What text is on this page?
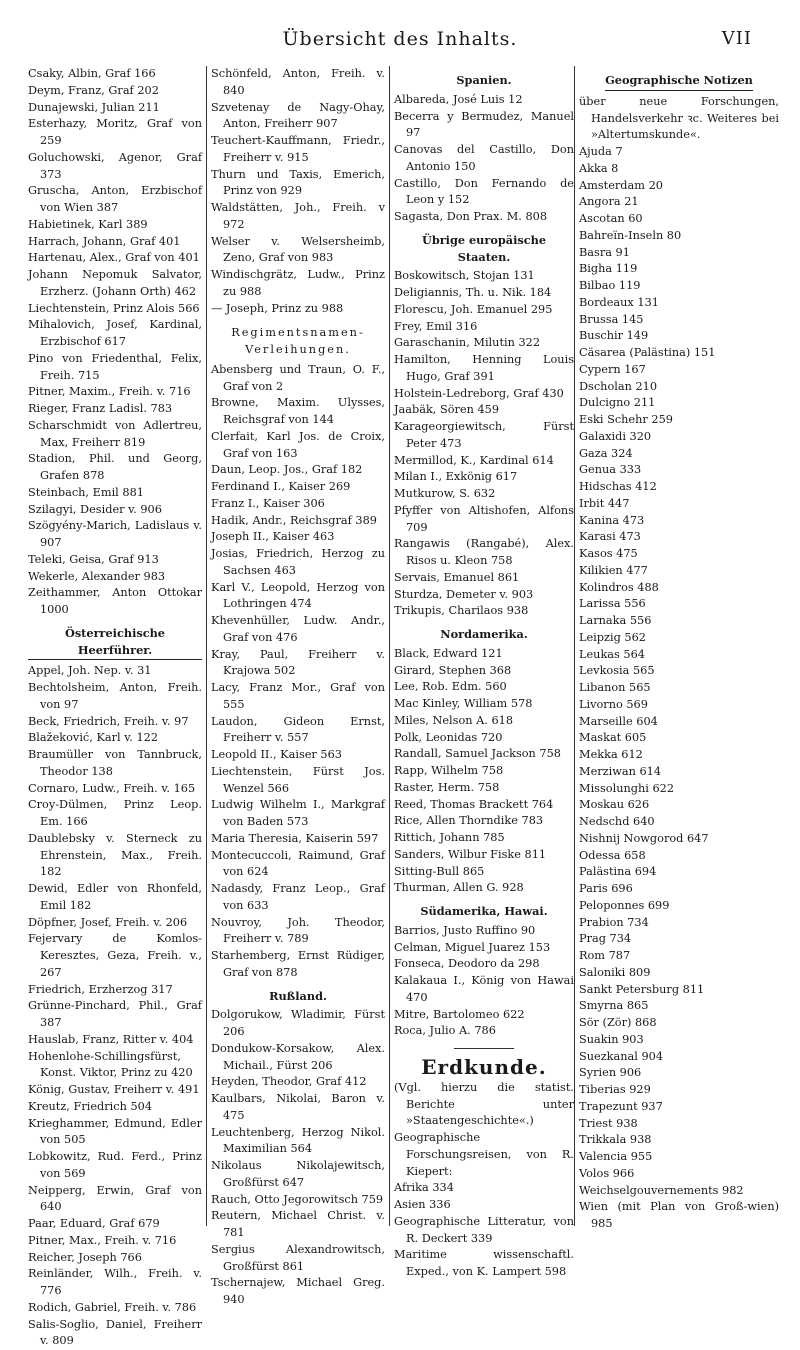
Übersicht des Inhalts.	VII
Csaky, Albin, Graf 166
Deym, Franz, Graf 202
Dunajewski, Julian 211
Esterhazy, Moritz, Graf von 259
Goluchowski, Agenor, Graf 373
Gruscha, Anton, Erzbischof von Wien 387
Habietinek, Karl 389
Harrach, Johann, Graf 401
Hartenau, Alex., Graf von 401
Johann Nepomuk Salvator, Erzherz. (Johann Orth) 462
Liechtenstein, Prinz Alois 566
Mihalovich, Josef, Kardinal, Erzbischof 617
Pino von Friedenthal, Felix, Freih. 715
Pitner, Maxim., Freih. v. 716
Rieger, Franz Ladisl. 783
Scharschmidt von Adlertreu, Max, Freiherr 819
Stadion, Phil. und Georg, Grafen 878
Steinbach, Emil 881
Szilagyi, Desider v. 906
Szögyény-Marich, Ladislaus v. 907
Teleki, Geisa, Graf 913
Wekerle, Alexander 983
Zeithammer, Anton Ottokar 1000
Österreichische Heerführer.
Appel, Joh. Nep. v. 31
Bechtolsheim, Anton, Freih. von 97
Beck, Friedrich, Freih. v. 97
Blažeković, Karl v. 122
Braumüller von Tannbruck, Theodor 138
Cornaro, Ludw., Freih. v. 165
Croy-Dülmen, Prinz Leop. Em. 166
Daublebsky v. Sterneck zu Ehrenstein, Max., Freih. 182
Dewid, Edler von Rhonfeld, Emil 182
Döpfner, Josef, Freih. v. 206
Fejervary de Komlos-Keresztes, Geza, Freih. v., 267
Friedrich, Erzherzog 317
Grünne-Pinchard, Phil., Graf 387
Hauslab, Franz, Ritter v. 404
Hohenlohe-Schillingsfürst, Konst. Viktor, Prinz zu 420
König, Gustav, Freiherr v. 491
Kreutz, Friedrich 504
Krieghammer, Edmund, Edler von 505
Lobkowitz, Rud. Ferd., Prinz von 569
Neipperg, Erwin, Graf von 640
Paar, Eduard, Graf 679
Pitner, Max., Freih. v. 716
Reicher, Joseph 766
Reinländer, Wilh., Freih. v. 776
Rodich, Gabriel, Freih. v. 786
Salis-Soglio, Daniel, Freiherr v. 809
Schönfeld, Anton, Freih. v. 840
Szvetenay de Nagy-Ohay, Anton, Freiherr 907
Teuchert-Kauffmann, Friedr., Freiherr v. 915
Thurn und Taxis, Emerich, Prinz von 929
Waldstätten, Joh., Freih. v 972
Welser v. Welsersheimb, Zeno, Graf von 983
Windischgrätz, Ludw., Prinz zu 988
— Joseph, Prinz zu 988
Regimentsnamen-Verleihungen.
Abensberg und Traun, O. F., Graf von 2
Browne, Maxim. Ulysses, Reichsgraf von 144
Clerfait, Karl Jos. de Croix, Graf von 163
Daun, Leop. Jos., Graf 182
Ferdinand I., Kaiser 269
Franz I., Kaiser 306
Hadik, Andr., Reichsgraf 389
Joseph II., Kaiser 463
Josias, Friedrich, Herzog zu Sachsen 463
Karl V., Leopold, Herzog von Lothringen 474
Khevenhüller, Ludw. Andr., Graf von 476
Kray, Paul, Freiherr v. Krajowa 502
Lacy, Franz Mor., Graf von 555
Laudon, Gideon Ernst, Freiherr v. 557
Leopold II., Kaiser 563
Liechtenstein, Fürst Jos. Wenzel 566
Ludwig Wilhelm I., Markgraf von Baden 573
Maria Theresia, Kaiserin 597
Montecuccoli, Raimund, Graf von 624
Nadasdy, Franz Leop., Graf von 633
Nouvroy, Joh. Theodor, Freiherr v. 789
Starhemberg, Ernst Rüdiger, Graf von 878
Rußland.
Dolgorukow, Wladimir, Fürst 206
Dondukow-Korsakow, Alex. Michail., Fürst 206
Heyden, Theodor, Graf 412
Kaulbars, Nikolai, Baron v. 475
Leuchtenberg, Herzog Nikol. Maximilian 564
Nikolaus Nikolajewitsch, Großfürst 647
Rauch, Otto Jegorowitsch 759
Reutern, Michael Christ. v. 781
Sergius Alexandrowitsch, Großfürst 861
Tschernajew, Michael Greg. 940
Spanien.
Albareda, José Luis 12
Becerra y Bermudez, Manuel 97
Canovas del Castillo, Don Antonio 150
Castillo, Don Fernando de Leon y 152
Sagasta, Don Prax. M. 808
Übrige europäische Staaten.
Boskowitsch, Stojan 131
Deligiannis, Th. u. Nik. 184
Florescu, Joh. Emanuel 295
Frey, Emil 316
Garaschanin, Milutin 322
Hamilton, Henning Louis Hugo, Graf 391
Holstein-Ledreborg, Graf 430
Jaabäk, Sören 459
Karageorgiewitsch, Fürst Peter 473
Mermillod, K., Kardinal 614
Milan I., Exkönig 617
Mutkurow, S. 632
Pfyffer von Altishofen, Alfons 709
Rangawis (Rangabé), Alex. Risos u. Kleon 758
Servais, Emanuel 861
Sturdza, Demeter v. 903
Trikupis, Charilaos 938
Nordamerika.
Black, Edward 121
Girard, Stephen 368
Lee, Rob. Edm. 560
Mac Kinley, William 578
Miles, Nelson A. 618
Polk, Leonidas 720
Randall, Samuel Jackson 758
Rapp, Wilhelm 758
Raster, Herm. 758
Reed, Thomas Brackett 764
Rice, Allen Thorndike 783
Rittich, Johann 785
Sanders, Wilbur Fiske 811
Sitting-Bull 865
Thurman, Allen G. 928
Südamerika, Hawai.
Barrios, Justo Ruffino 90
Celman, Miguel Juarez 153
Fonseca, Deodoro da 298
Kalakaua I., König von Hawai 470
Mitre, Bartolomeo 622
Roca, Julio A. 786
Erdkunde.
(Vgl. hierzu die statist. Berichte unter »Staatengeschichte«.)
Geographische Forschungsreisen, von R. Kiepert:
Afrika 334
Asien 336
Geographische Litteratur, von R. Deckert 339
Maritime wissenschaftl. Exped., von K. Lampert 598
Geographische Notizen
über neue Forschungen, Handelsverkehr ꝛc. Weiteres bei »Altertumskunde«.
Ajuda 7
Akka 8
Amsterdam 20
Angora 21
Ascotan 60
Bahreïn-Inseln 80
Basra 91
Bigha 119
Bilbao 119
Bordeaux 131
Brussa 145
Buschir 149
Cäsarea (Palästina) 151
Cypern 167
Dscholan 210
Dulcigno 211
Eski Schehr 259
Galaxidi 320
Gaza 324
Genua 333
Hidschas 412
Irbit 447
Kanina 473
Karasi 473
Kasos 475
Kilikien 477
Kolindros 488
Larissa 556
Larnaka 556
Leipzig 562
Leukas 564
Levkosia 565
Libanon 565
Livorno 569
Marseille 604
Maskat 605
Mekka 612
Merziwan 614
Missolunghi 622
Moskau 626
Nedschd 640
Nishnij Nowgorod 647
Odessa 658
Palästina 694
Paris 696
Peloponnes 699
Prabion 734
Prag 734
Rom 787
Saloniki 809
Sankt Petersburg 811
Smyrna 865
Sör (Zör) 868
Suakin 903
Suezkanal 904
Syrien 906
Tiberias 929
Trapezunt 937
Triest 938
Trikkala 938
Valencia 955
Volos 966
Weichselgouvernements 982
Wien (mit Plan von Groß-wien) 985
